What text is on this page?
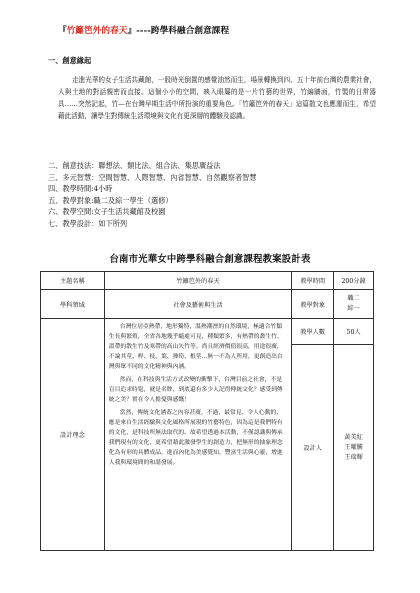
『竹籬笆外的春天』----跨學科融合創意課程
一、創意緣起
走進光華的女子生活共藏館，一股時光倒置的感覺油然而生，場景轉換到四、五十年前台灣的農業社會，人與土地的對話親密而直接。這個小小的空間，映入眼簾的是一片竹藝的世界，竹編牆面，竹製的日常器具……突然記起，竹—在台灣早期生活中所扮演的重要角色。「竹籬笆外的春天」這篇散文也應運而生，希望藉此活動，讓學生對傳統生活環境與文化有更深層的體驗及認識。
二、創意技法：聯想法、類比法、組合法、集思廣益法
三、多元智慧：空間智慧、人際智慧、內省智慧、自然觀察者智慧
四、教學時間:4小時
五、教學對象:職二及綜一學生（選修）
六、教學空間:女子生活共藏館及校園
七、教學設計：如下所列
台南市光華女中跨學科融合創意課程教案設計表
主題名稱	竹籬笆外的春天	教學時間	200分鐘
學科領域	社會及藝術與生活	教學對象	職二
綜一

設計理念	台灣位居亞熱帶，地形獨特，溫熱潮溼的自然環境，極適合竹類生長與繁殖，全省各地幾乎隨處可見，種類繁多，有熱帶的叢生竹、溫帶的散生竹及寒帶的高山矢竹等。尚且經濟價值很高，用途很廣，不論其莖、桿、枝、葉、籜筍、根莖…無一不為人所用，更創造出台灣與眾不同的文化精神與內涵。

然而，在科技與生活方式改變的衝擊下，台灣目前之社會，不是盲目追求時髦，就是名牌，到底還有多少人記得傳統文化？感受到傳統之美？實在令人擔憂與感慨！

當然，傳統文化涵蓋之內容甚廣，不過，最常見、令人心動的，應是來自生活經驗與文化風格所展現的竹藝特色，因為這是我們特有的文化，是科技所無法取代的。故希望透過本活動，不僅認識與傳承我們現有的文化，更希望藉此激發學生的創造力，把無形的抽象理念化為有形的具體成品，進而內化為美感覺知，豐富生活與心靈，增進人我與環境間的和諧發展。	教學人數	50人
		設計人	黃美紅
王曜騰
王瑞輝
